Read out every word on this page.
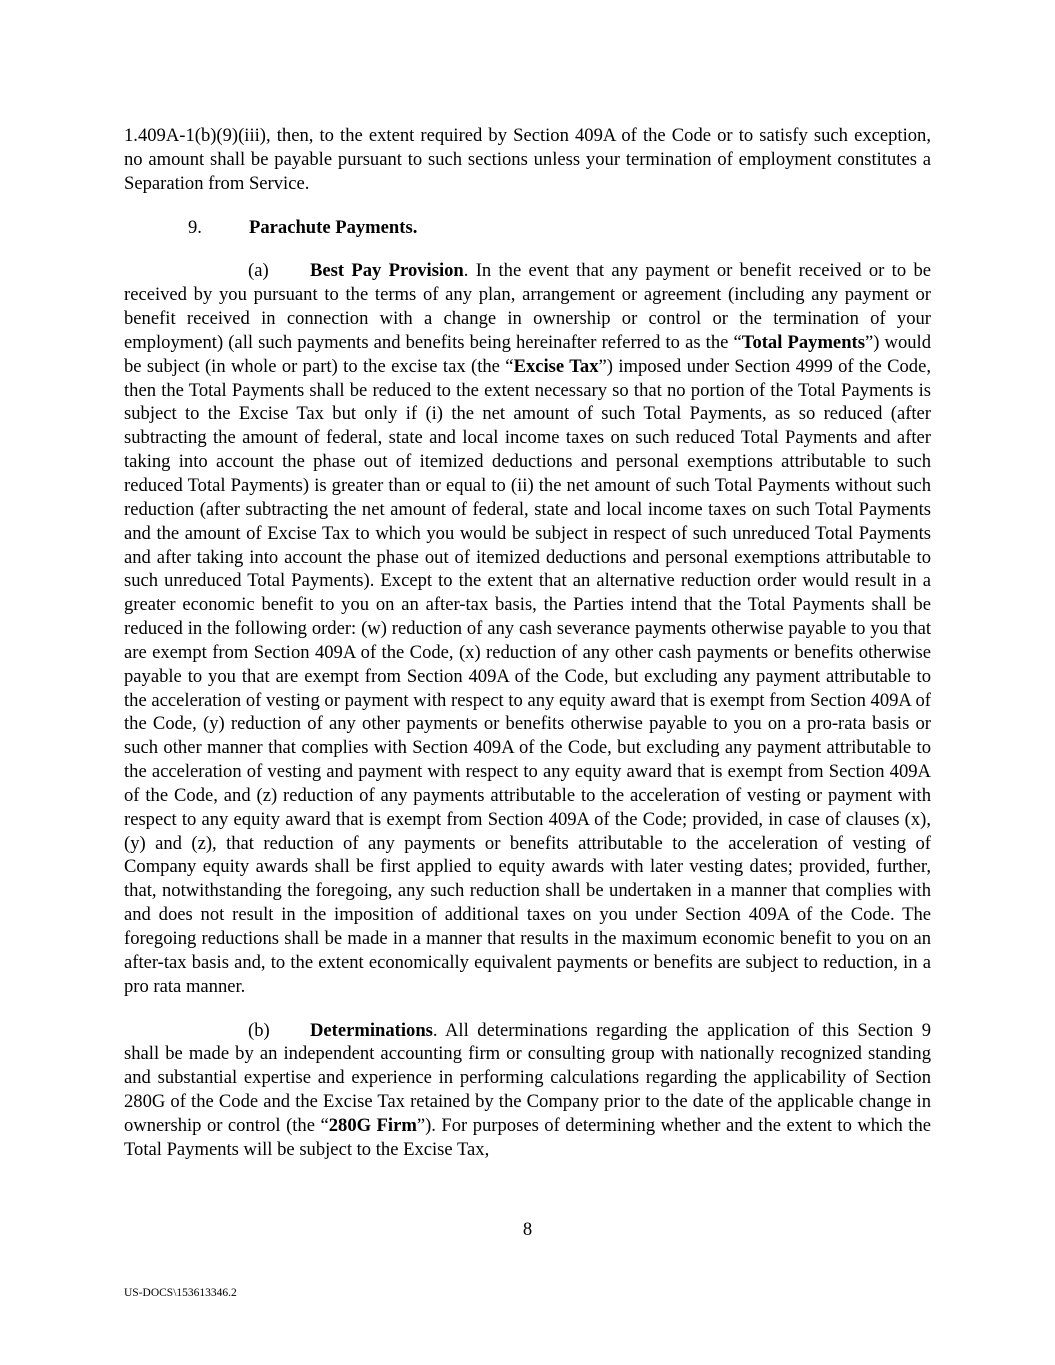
1.409A-1(b)(9)(iii), then, to the extent required by Section 409A of the Code or to satisfy such exception, no amount shall be payable pursuant to such sections unless your termination of employment constitutes a Separation from Service.

9.	Parachute Payments.

(a) Best Pay Provision. In the event that any payment or benefit received or to be received by you pursuant to the terms of any plan, arrangement or agreement (including any payment or benefit received in connection with a change in ownership or control or the termination of your employment) (all such payments and benefits being hereinafter referred to as the “Total Payments”) would be subject (in whole or part) to the excise tax (the “Excise Tax”) imposed under Section 4999 of the Code, then the Total Payments shall be reduced to the extent necessary so that no portion of the Total Payments is subject to the Excise Tax but only if (i) the net amount of such Total Payments, as so reduced (after subtracting the amount of federal, state and local income taxes on such reduced Total Payments and after taking into account the phase out of itemized deductions and personal exemptions attributable to such reduced Total Payments) is greater than or equal to (ii) the net amount of such Total Payments without such reduction (after subtracting the net amount of federal, state and local income taxes on such Total Payments and the amount of Excise Tax to which you would be subject in respect of such unreduced Total Payments and after taking into account the phase out of itemized deductions and personal exemptions attributable to such unreduced Total Payments). Except to the extent that an alternative reduction order would result in a greater economic benefit to you on an after-tax basis, the Parties intend that the Total Payments shall be reduced in the following order: (w) reduction of any cash severance payments otherwise payable to you that are exempt from Section 409A of the Code, (x) reduction of any other cash payments or benefits otherwise payable to you that are exempt from Section 409A of the Code, but excluding any payment attributable to the acceleration of vesting or payment with respect to any equity award that is exempt from Section 409A of the Code, (y) reduction of any other payments or benefits otherwise payable to you on a pro-rata basis or such other manner that complies with Section 409A of the Code, but excluding any payment attributable to the acceleration of vesting and payment with respect to any equity award that is exempt from Section 409A of the Code, and (z) reduction of any payments attributable to the acceleration of vesting or payment with respect to any equity award that is exempt from Section 409A of the Code; provided, in case of clauses (x), (y) and (z), that reduction of any payments or benefits attributable to the acceleration of vesting of Company equity awards shall be first applied to equity awards with later vesting dates; provided, further, that, notwithstanding the foregoing, any such reduction shall be undertaken in a manner that complies with and does not result in the imposition of additional taxes on you under Section 409A of the Code. The foregoing reductions shall be made in a manner that results in the maximum economic benefit to you on an after-tax basis and, to the extent economically equivalent payments or benefits are subject to reduction, in a pro rata manner.

(b) Determinations. All determinations regarding the application of this Section 9 shall be made by an independent accounting firm or consulting group with nationally recognized standing and substantial expertise and experience in performing calculations regarding the applicability of Section 280G of the Code and the Excise Tax retained by the Company prior to the date of the applicable change in ownership or control (the “280G Firm”). For purposes of determining whether and the extent to which the Total Payments will be subject to the Excise Tax,

8
US-DOCS\153613346.2
